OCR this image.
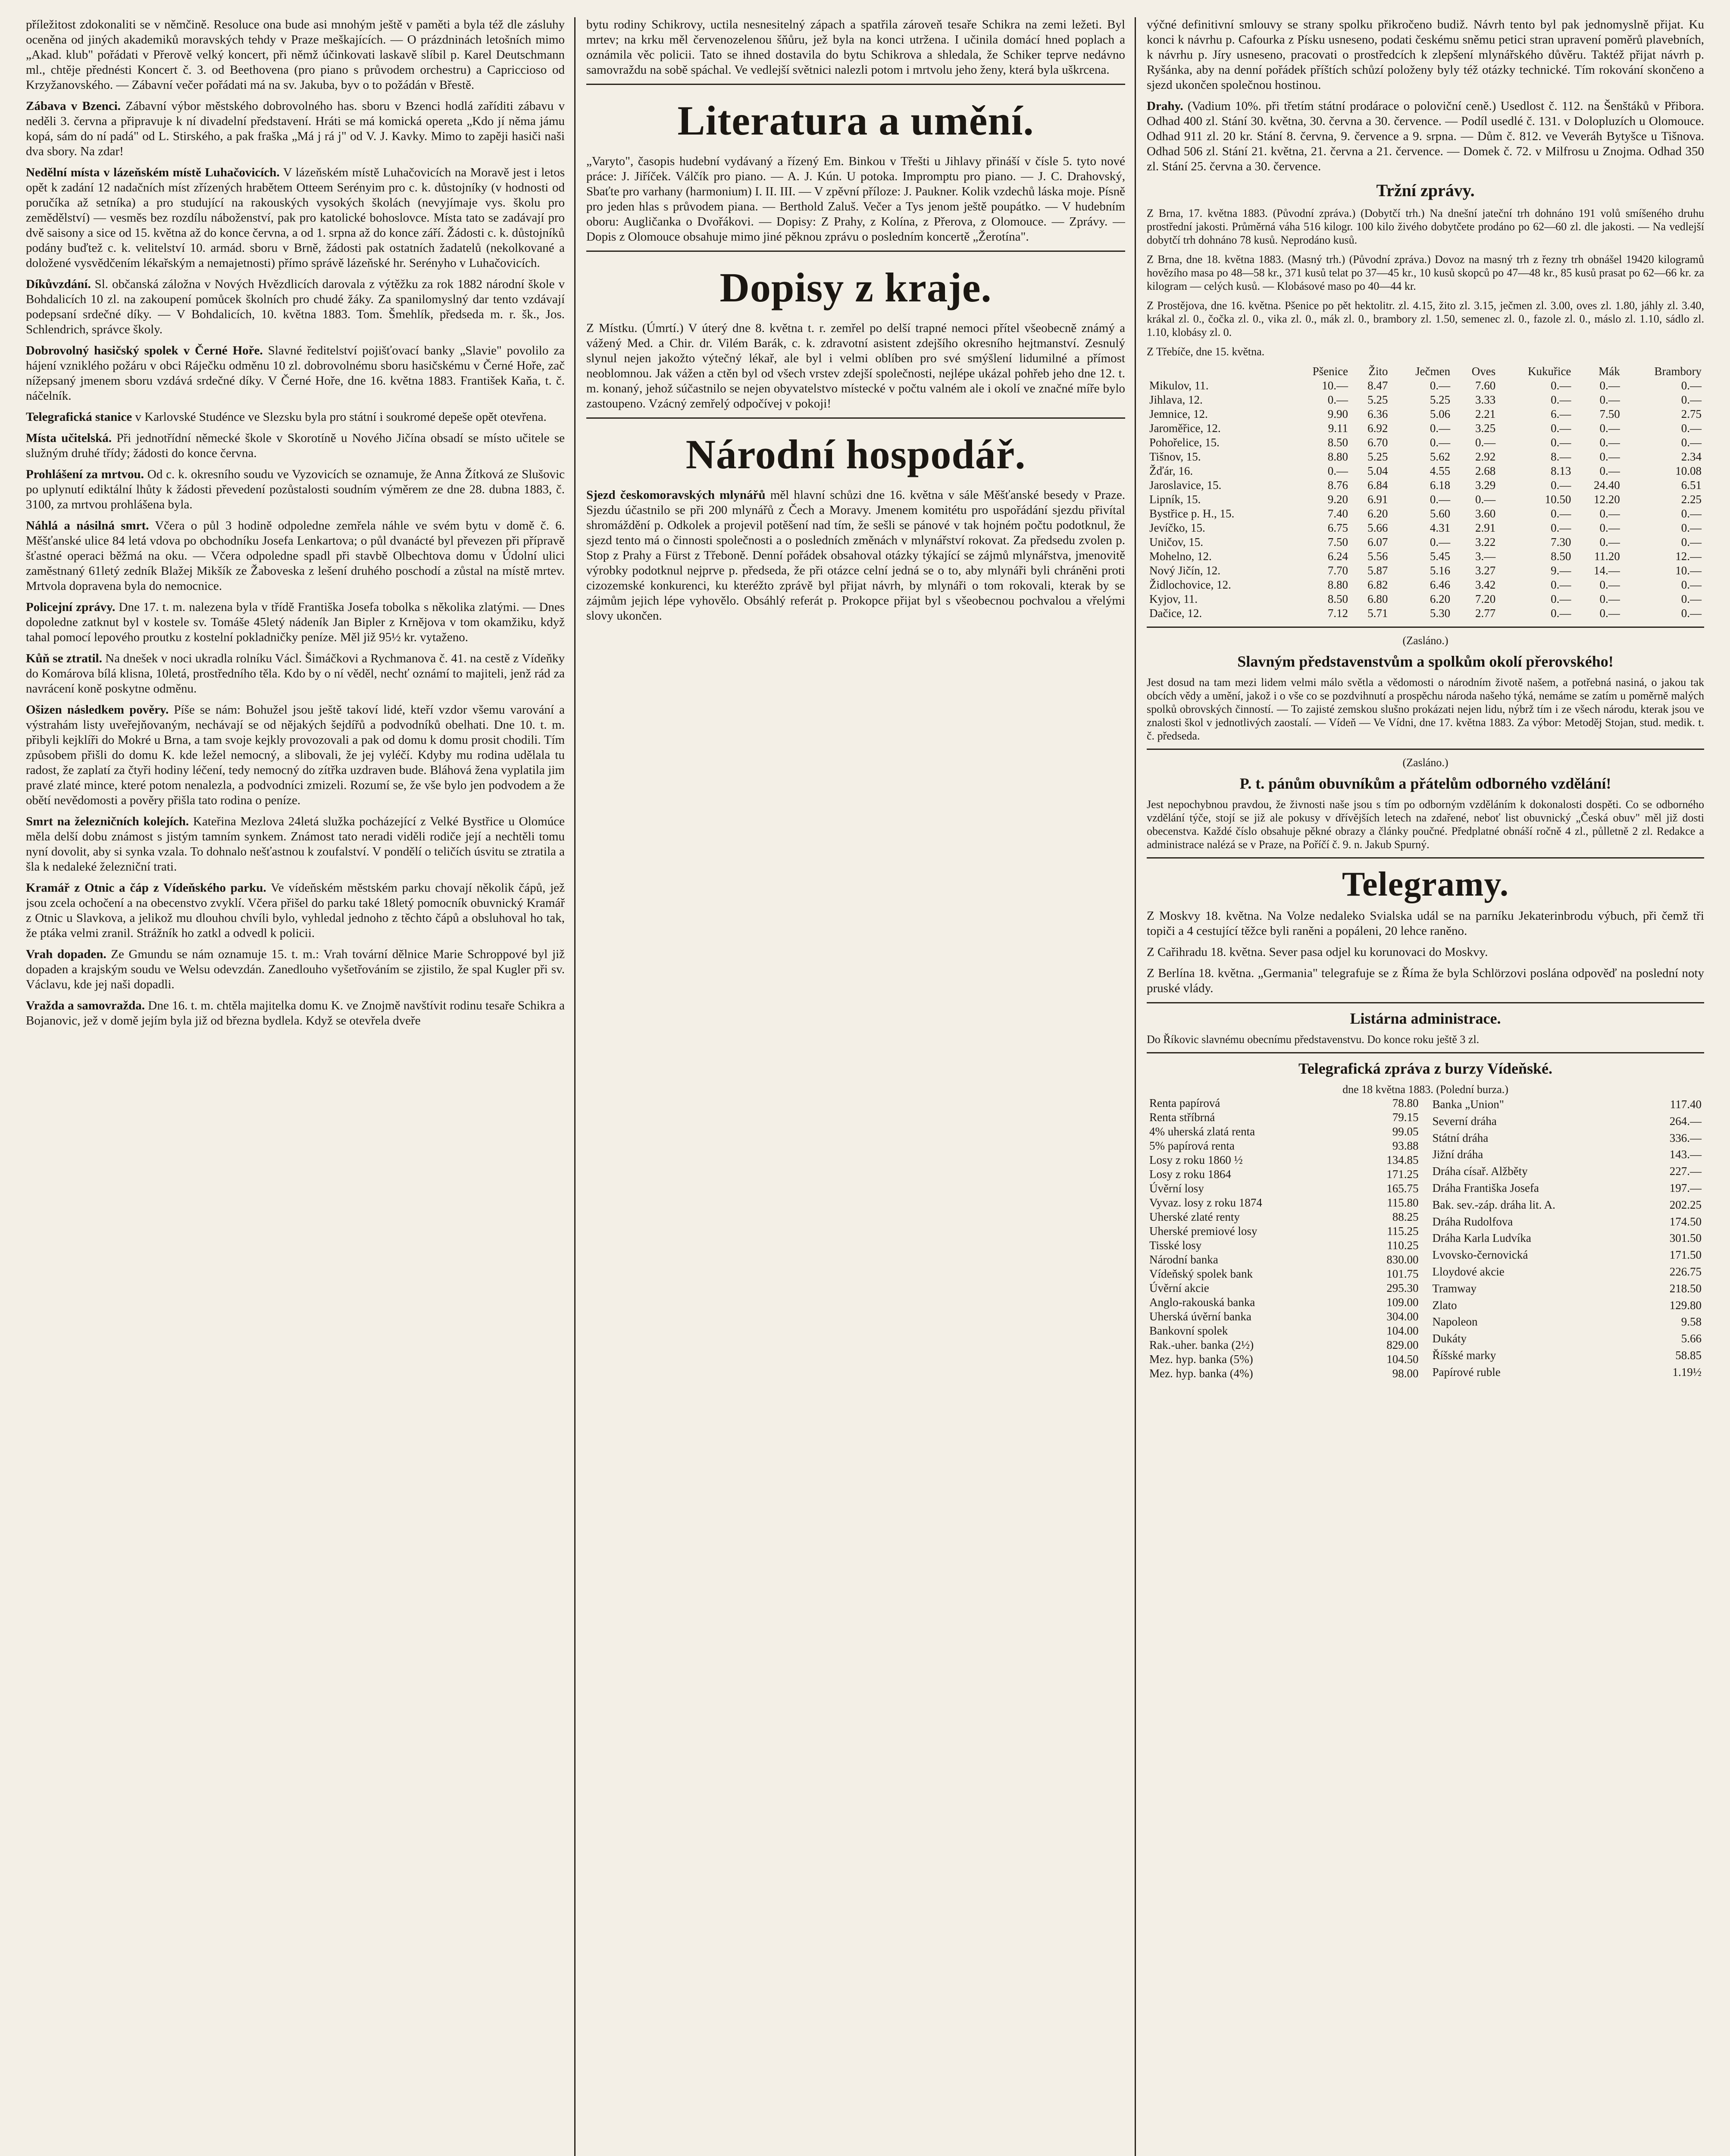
příležitost zdokonaliti se v němčině. Resoluce ona bude asi mnohým ještě v paměti a byla též dle zásluhy oceněna od jiných akademiků moravských tehdy v Praze meškajících. — O prázdninách letošních mimo „Akad. klub" pořádati v Přerově velký koncert, při němž účinkovati laskavě slíbil p. Karel Deutschmann ml., chtěje přednésti Koncert č. 3. od Beethovena (pro piano s průvodem orchestru) a Capriccioso od Krzyžanovského. — Zábavní večer pořádati má na sv. Jakuba, byv o to požádán v Břestě.

Zábava v Bzenci. Zábavní výbor městského dobrovolného has. sboru v Bzenci hodlá zaříditi zábavu v neděli 3. června a připravuje k ní divadelní představení. Hráti se má komická opereta „Kdo jí něma jámu kopá, sám do ní padá" od L. Stirského, a pak fraška „Má j rá j" od V. J. Kavky. Mimo to zapěji hasiči naši dva sbory. Na zdar!

Nedělní místa v lázeňském místě Luhačovicích. V lázeňském místě Luhačovicích na Moravě jest i letos opět k zadání 12 nadačních míst zřízených hrabětem Otteem Serényim pro c. k. důstojníky (v hodnosti od poručíka až setníka) a pro studující na rakouských vysokých školách (nevyjímaje vys. školu pro zemědělství) — vesměs bez rozdílu náboženství, pak pro katolické bohoslovce. Místa tato se zadávají pro dvě saisony a sice od 15. května až do konce června, a od 1. srpna až do konce září. Žádosti c. k. důstojníků podány buďtež c. k. velitelství 10. armád. sboru v Brně, žádosti pak ostatních žadatelů (nekolkované a doložené vysvědčením lékařským a nemajetnosti) přímo správě lázeňské hr. Serényho v Luhačovicích.

Díkůvzdání. Sl. občanská záložna v Nových Hvězdlicích darovala z výtěžku za rok 1882 národní škole v Bohdalicích 10 zl. na zakoupení pomůcek školních pro chudé žáky. Za spanilomyslný dar tento vzdávají podepsaní srdečné díky. — V Bohdalicích, 10. května 1883. Tom. Šmehlík, předseda m. r. šk., Jos. Schlendrich, správce školy.

Dobrovolný hasičský spolek v Černé Hoře. Slavné ředitelství pojišťovací banky „Slavie" povolilo za hájení vzniklého požáru v obci Ráječku odměnu 10 zl. dobrovolnému sboru hasičskému v Černé Hoře, zač nížepsaný jmenem sboru vzdává srdečné díky. V Černé Hoře, dne 16. května 1883. František Kaňa, t. č. náčelník.

Telegrafická stanice v Karlovské Studénce ve Slezsku byla pro státní i soukromé depeše opět otevřena.

Místa učitelská. Při jednotřídní německé škole v Skorotíně u Nového Jičína obsadí se místo učitele se služným druhé třídy; žádosti do konce června.

Prohlášení za mrtvou. Od c. k. okresního soudu ve Vyzovicích se oznamuje, že Anna Žítková ze Slušovic po uplynutí ediktální lhůty k žádosti převedení pozůstalosti soudním výměrem ze dne 28. dubna 1883, č. 3100, za mrtvou prohlášena byla.

Náhlá a násilná smrt. Včera o půl 3 hodině odpoledne zemřela náhle ve svém bytu v domě č. 6. Měšťanské ulice 84 letá vdova po obchodníku Josefa Lenkartova; o půl dvanácté byl převezen při přípravě šťastné operaci běžmá na oku. — Včera odpoledne spadl při stavbě Olbechtova domu v Údolní ulici zaměstnaný 61letý zedník Blažej Mikšík ze Žaboveska z lešení druhého poschodí a zůstal na místě mrtev. Mrtvola dopravena byla do nemocnice.

Policejní zprávy. Dne 17. t. m. nalezena byla v třídě Františka Josefa tobolka s několika zlatými. — Dnes dopoledne zatknut byl v kostele sv. Tomáše 45letý nádeník Jan Bipler z Krnějova v tom okamžiku, když tahal pomocí lepového proutku z kostelní pokladničky peníze. Měl již 95½ kr. vytaženo.

Kůň se ztratil. Na dnešek v noci ukradla rolníku Václ. Šimáčkovi a Rychmanova č. 41. na cestě z Vídeňky do Komárova bílá klisna, 10letá, prostředního těla. Kdo by o ní věděl, nechť oznámí to majiteli, jenž rád za navrácení koně poskytne odměnu.

Ošizen následkem pověry. Píše se nám: Bohužel jsou ještě takoví lidé, kteří vzdor všemu varování a výstrahám listy uveřejňovaným, nechávají se od nějakých šejdířů a podvodníků obelhati. Dne 10. t. m. přibyli kejklíři do Mokré u Brna, a tam svoje kejkly provozovali a pak od domu k domu prosit chodili. Tím způsobem přišli do domu K. kde ležel nemocný, a slibovali, že jej vyléčí. Kdyby mu rodina udělala tu radost, že zaplatí za čtyři hodiny léčení, tedy nemocný do zítřka uzdraven bude. Bláhová žena vyplatila jim pravé zlaté mince, které potom nenalezla, a podvodníci zmizeli. Rozumí se, že vše bylo jen podvodem a že obětí nevědomosti a pověry přišla tato rodina o peníze.

Smrt na železničních kolejích. Kateřina Mezlova 24letá služka pocházející z Velké Bystřice u Olomúce měla delší dobu známost s jistým tamním synkem. Známost tato neradi viděli rodiče její a nechtěli tomu nyní dovolit, aby si synka vzala. To dohnalo nešťastnou k zoufalství. V pondělí o teličích úsvitu se ztratila a šla k nedaleké železniční trati.

Kramář z Otnic a čáp z Vídeňského parku. Ve vídeňském městském parku chovají několik čápů, jež jsou zcela ochočení a na obecenstvo zvyklí. Včera přišel do parku také 18letý pomocník obuvnický Kramář z Otnic u Slavkova, a jelikož mu dlouhou chvíli bylo, vyhledal jednoho z těchto čápů a obsluhoval ho tak, že ptáka velmi zranil. Strážník ho zatkl a odvedl k policii.

Vrah dopaden. Ze Gmundu se nám oznamuje 15. t. m.: Vrah tovární dělnice Marie Schroppové byl již dopaden a krajským soudu ve Welsu odevzdán. Zanedlouho vyšetřováním se zjistilo, že spal Kugler při sv. Václavu, kde jej naši dopadli.

Vražda a samovražda. Dne 16. t. m. chtěla majitelka domu K. ve Znojmě navštívit rodinu tesaře Schikra a Bojanovic, jež v domě jejím byla již od března bydlela. Když se otevřela dveře

bytu rodiny Schikrovy, uctila nesnesitelný zápach a spatřila zároveň tesaře Schikra na zemi ležeti. Byl mrtev; na krku měl červenozelenou šňůru, jež byla na konci utržena. I učinila domácí hned poplach a oznámila věc policii. Tato se ihned dostavila do bytu Schikrova a shledala, že Schiker teprve nedávno samovraždu na sobě spáchal. Ve vedlejší světnici nalezli potom i mrtvolu jeho ženy, která byla uškrcena.

Literatura a umění.

„Varyto", časopis hudební vydávaný a řízený Em. Binkou v Třešti u Jihlavy přináší v čísle 5. tyto nové práce: J. Jiříček. Válčík pro piano. — A. J. Kún. U potoka. Impromptu pro piano. — J. C. Drahovský, Sbaťte pro varhany (harmonium) I. II. III. — V zpěvní příloze: J. Paukner. Kolik vzdechů láska moje. Písně pro jeden hlas s průvodem piana. — Berthold Zaluš. Večer a Tys jenom ještě poupátko. — V hudebním oboru: Augličanka o Dvořákovi. — Dopisy: Z Prahy, z Kolína, z Přerova, z Olomouce. — Zprávy. — Dopis z Olomouce obsahuje mimo jiné pěknou zprávu o posledním koncertě „Žerotína".

Dopisy z kraje.

Z Místku. (Úmrtí.) V úterý dne 8. května t. r. zemřel po delší trapné nemoci přítel všeobecně známý a vážený Med. a Chir. dr. Vilém Barák, c. k. zdravotní asistent zdejšího okresního hejtmanství. Zesnulý slynul nejen jakožto výtečný lékař, ale byl i velmi oblíben pro své smýšlení lidumilné a přímost neoblomnou. Jak vážen a ctěn byl od všech vrstev zdejší společnosti, nejlépe ukázal pohřeb jeho dne 12. t. m. konaný, jehož súčastnilo se nejen obyvatelstvo místecké v počtu valném ale i okolí ve značné míře bylo zastoupeno. Vzácný zemřelý odpočívej v pokoji!

Národní hospodář.

Sjezd českomoravských mlynářů měl hlavní schůzi dne 16. května v sále Měšťanské besedy v Praze. Sjezdu účastnilo se při 200 mlynářů z Čech a Moravy. Jmenem komitétu pro uspořádání sjezdu přivítal shromáždění p. Odkolek a projevil potěšení nad tím, že sešli se pánové v tak hojném počtu podotknul, že sjezd tento má o činnosti společnosti a o posledních změnách v mlynářství rokovat. Za předsedu zvolen p. Stop z Prahy a Fürst z Třeboně. Denní pořádek obsahoval otázky týkající se zájmů mlynářstva, jmenovitě výrobky podotknul nejprve p. předseda, že při otázce celní jedná se o to, aby mlynáři byli chráněni proti cizozemské konkurenci, ku kteréžto zprávě byl přijat návrh, by mlynáři o tom rokovali, kterak by se zájmům jejich lépe vyhovělo. Obsáhlý referát p. Prokopce přijat byl s všeobecnou pochvalou a vřelými slovy ukončen.

výčné definitivní smlouvy se strany spolku přikročeno budiž. Návrh tento byl pak jednomyslně přijat. Ku konci k návrhu p. Cafourka z Písku usneseno, podati českému sněmu petici stran upravení poměrů plavebních, k návrhu p. Jíry usneseno, pracovati o prostředcích k zlepšení mlynářského důvěru. Taktéž přijat návrh p. Ryšánka, aby na denní pořádek příštích schůzí položeny byly též otázky technické. Tím rokování skončeno a sjezd ukončen společnou hostinou.

Drahy. (Vadium 10%. při třetím státní prodárace o poloviční ceně.) Usedlost č. 112. na Šenštáků v Přibora. Odhad 400 zl. Stání 30. května, 30. června a 30. července. — Podíl usedlé č. 131. v Dolopluzích u Olomouce. Odhad 911 zl. 20 kr. Stání 8. června, 9. července a 9. srpna. — Dům č. 812. ve Veveráh Bytyšce u Tišnova. Odhad 506 zl. Stání 21. května, 21. června a 21. července. — Domek č. 72. v Milfrosu u Znojma. Odhad 350 zl. Stání 25. června a 30. července.

Tržní zprávy.

Z Brna, 17. května 1883. (Původní zpráva.) (Dobytčí trh.) Na dnešní jateční trh dohnáno 191 volů smíšeného druhu prostřední jakosti. Průměrná váha 516 kilogr. 100 kilo živého dobytčete prodáno po 62—60 zl. dle jakosti. — Na vedlejší dobytčí trh dohnáno 78 kusů. Neprodáno kusů.

Z Brna, dne 18. května 1883. (Masný trh.) (Původní zpráva.) Dovoz na masný trh z řezny trh obnášel 19420 kilogramů hovězího masa po 48—58 kr., 371 kusů telat po 37—45 kr., 10 kusů skopců po 47—48 kr., 85 kusů prasat po 62—66 kr. za kilogram — celých kusů. — Klobásové maso po 40—44 kr.

Z Prostějova, dne 16. května. Pšenice po pět hektolitr. zl. 4.15, žito zl. 3.15, ječmen zl. 3.00, oves zl. 1.80, jáhly zl. 3.40, krákal zl. 0., čočka zl. 0., vika zl. 0., mák zl. 0., brambory zl. 1.50, semenec zl. 0., fazole zl. 0., máslo zl. 1.10, sádlo zl. 1.10, klobásy zl. 0.

Z Třebíče, dne 15. května.

	Pšenice	Žito	Ječmen	Oves	Kukuřice	Mák	Brambory
Mikulov, 11.	10.—	8.47	0.—	7.60	0.—	0.—	0.—
Jihlava, 12.	0.—	5.25	5.25	3.33	0.—	0.—	0.—
Jemnice, 12.	9.90	6.36	5.06	2.21	6.—	7.50	2.75
Jaroměřice, 12.	9.11	6.92	0.—	3.25	0.—	0.—	0.—
Pohořelice, 15.	8.50	6.70	0.—	0.—	0.—	0.—	0.—
Tišnov, 15.	8.80	5.25	5.62	2.92	8.—	0.—	2.34
Žďár, 16.	0.—	5.04	4.55	2.68	8.13	0.—	10.08
Jaroslavice, 15.	8.76	6.84	6.18	3.29	0.—	24.40	6.51
Lipník, 15.	9.20	6.91	0.—	0.—	10.50	12.20	2.25
Bystřice p. H., 15.	7.40	6.20	5.60	3.60	0.—	0.—	0.—
Jevíčko, 15.	6.75	5.66	4.31	2.91	0.—	0.—	0.—
Uničov, 15.	7.50	6.07	0.—	3.22	7.30	0.—	0.—
Mohelno, 12.	6.24	5.56	5.45	3.—	8.50	11.20	12.—
Nový Jičín, 12.	7.70	5.87	5.16	3.27	9.—	14.—	10.—
Židlochovice, 12.	8.80	6.82	6.46	3.42	0.—	0.—	0.—
Kyjov, 11.	8.50	6.80	6.20	7.20	0.—	0.—	0.—
Dačice, 12.	7.12	5.71	5.30	2.77	0.—	0.—	0.—
(Zasláno.)
Slavným představenstvům a spolkům okolí přerovského!

Jest dosud na tam mezi lidem velmi málo světla a vědomosti o národním životě našem, a potřebná nasiná, o jakou tak obcích vědy a umění, jakož i o vše co se pozdvihnutí a prospěchu národa našeho týká, nemáme se zatím u poměrně malých spolků obrovských činností. — To zajisté zemskou slušno prokázati nejen lidu, nýbrž tím i ze všech národu, kterak jsou ve znalosti škol v jednotlivých zaostalí. — Vídeň — Ve Vídni, dne 17. května 1883. Za výbor: Metoděj Stojan, stud. medik. t. č. předseda.

(Zasláno.)
P. t. pánům obuvníkům a přátelům odborného vzdělání!

Jest nepochybnou pravdou, že živnosti naše jsou s tím po odborným vzděláním k dokonalosti dospěti. Co se odborného vzdělání týče, stojí se již ale pokusy v dřívějších letech na zdařené, neboť list obuvnický „Česká obuv" měl již dosti obecenstva. Každé číslo obsahuje pěkné obrazy a články poučné. Předplatné obnáší ročně 4 zl., půlletně 2 zl. Redakce a administrace nalézá se v Praze, na Poříčí č. 9. n. Jakub Spurný.

Telegramy.

Z Moskvy 18. května. Na Volze nedaleko Svialska udál se na parníku Jekaterinbrodu výbuch, při čemž tři topiči a 4 cestující těžce byli raněni a popáleni, 20 lehce raněno.

Z Cařihradu 18. května. Sever pasa odjel ku korunovaci do Moskvy.

Z Berlína 18. května. „Germania" telegrafuje se z Říma že byla Schlörzovi poslána odpověď na poslední noty pruské vlády.

Listárna administrace.

Do Říkovic slavnému obecnímu představenstvu. Do konce roku ještě 3 zl.

Telegrafická zpráva z burzy Vídeňské.
dne 18 května 1883. (Polední burza.)
Renta papírová	78.80
Renta stříbrná	79.15
4% uherská zlatá renta	99.05
5% papírová renta	93.88
Losy z roku 1860 ½	134.85
Losy z roku 1864	171.25
Úvěrní losy	165.75
Vyvaz. losy z roku 1874	115.80
Uherské zlaté renty	88.25
Uherské premiové losy	115.25
Tisské losy	110.25
Národní banka	830.00
Vídeňský spolek bank	101.75
Úvěrní akcie	295.30
Anglo-rakouská banka	109.00
Uherská úvěrní banka	304.00
Bankovní spolek	104.00
Rak.-uher. banka (2½)	829.00
Mez. hyp. banka (5%)	104.50
Mez. hyp. banka (4%)	98.00
Banka „Union"	117.40
Severní dráha	264.—
Státní dráha	336.—
Jižní dráha	143.—
Dráha císař. Alžběty	227.—
Dráha Františka Josefa	197.—
Bak. sev.-záp. dráha lit. A.	202.25
Dráha Rudolfova	174.50
Dráha Karla Ludvíka	301.50
Lvovsko-černovická	171.50
Lloydové akcie	226.75
Tramway	218.50
Zlato	129.80
Napoleon	9.58
Dukáty	5.66
Říšské marky	58.85
Papírové ruble	1.19½
